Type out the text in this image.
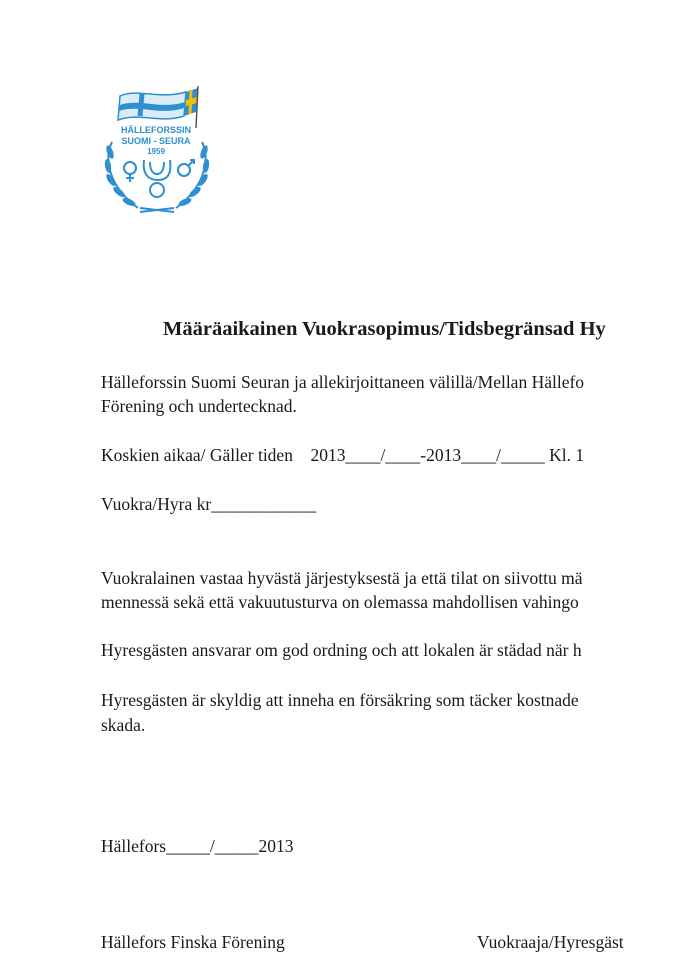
HÄLLEFORSSIN
SUOMI - SEURA
1959
Määräaikainen Vuokrasopimus/Tidsbegränsad Hy
Hälleforssin Suomi Seuran ja allekirjoittaneen välillä/Mellan Hällefo
Förening och undertecknad.
Koskien aikaa/ Gäller tiden    2013____/____-2013____/_____ Kl. 1
Vuokra/Hyra kr____________
Vuokralainen vastaa hyvästä järjestyksestä ja että tilat on siivottu mä
mennessä sekä että vakuutusturva on olemassa mahdollisen vahingo
Hyresgästen ansvarar om god ordning och att lokalen är städad när h
Hyresgästen är skyldig att inneha en försäkring som täcker kostnade
skada.
Hällefors_____/_____2013
Hällefors Finska Förening	Vuokraaja/Hyresgäst
